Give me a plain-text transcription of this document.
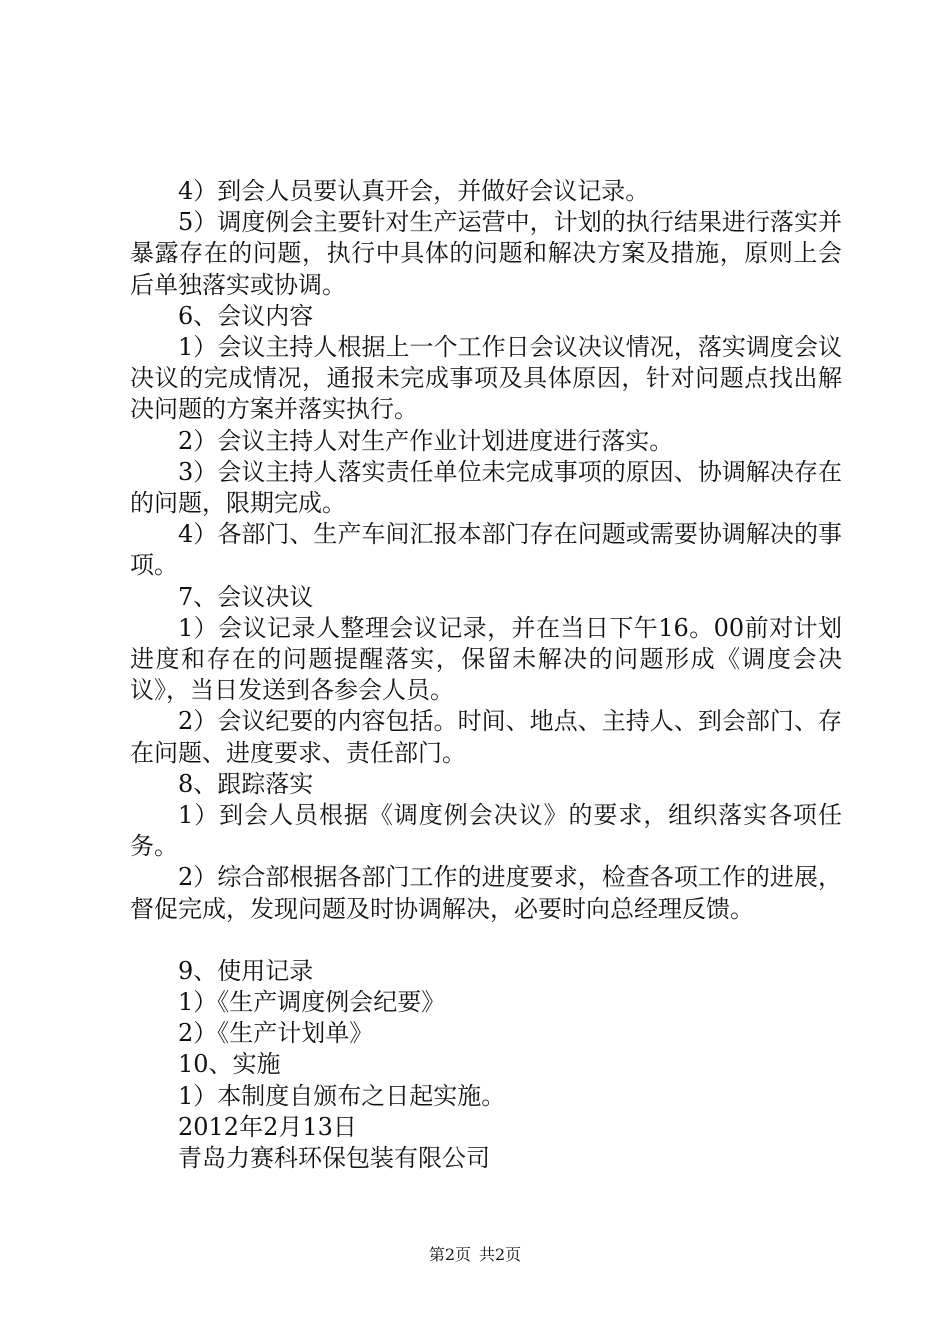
4）到会人员要认真开会，并做好会议记录。

5）调度例会主要针对生产运营中，计划的执行结果进行落实并暴露存在的问题，执行中具体的问题和解决方案及措施，原则上会后单独落实或协调。

6、会议内容

1）会议主持人根据上一个工作日会议决议情况，落实调度会议决议的完成情况，通报未完成事项及具体原因，针对问题点找出解决问题的方案并落实执行。

2）会议主持人对生产作业计划进度进行落实。

3）会议主持人落实责任单位未完成事项的原因、协调解决存在的问题，限期完成。

4）各部门、生产车间汇报本部门存在问题或需要协调解决的事项。

7、会议决议

1）会议记录人整理会议记录，并在当日下午16。00前对计划进度和存在的问题提醒落实，保留未解决的问题形成《调度会决议》，当日发送到各参会人员。

2）会议纪要的内容包括。时间、地点、主持人、到会部门、存在问题、进度要求、责任部门。

8、跟踪落实

1）到会人员根据《调度例会决议》的要求，组织落实各项任务。

2）综合部根据各部门工作的进度要求，检查各项工作的进展，督促完成，发现问题及时协调解决，必要时向总经理反馈。

9、使用记录

1）《生产调度例会纪要》

2）《生产计划单》

10、实施

1）本制度自颁布之日起实施。

2012年2月13日

青岛力赛科环保包装有限公司

第2页 共2页
